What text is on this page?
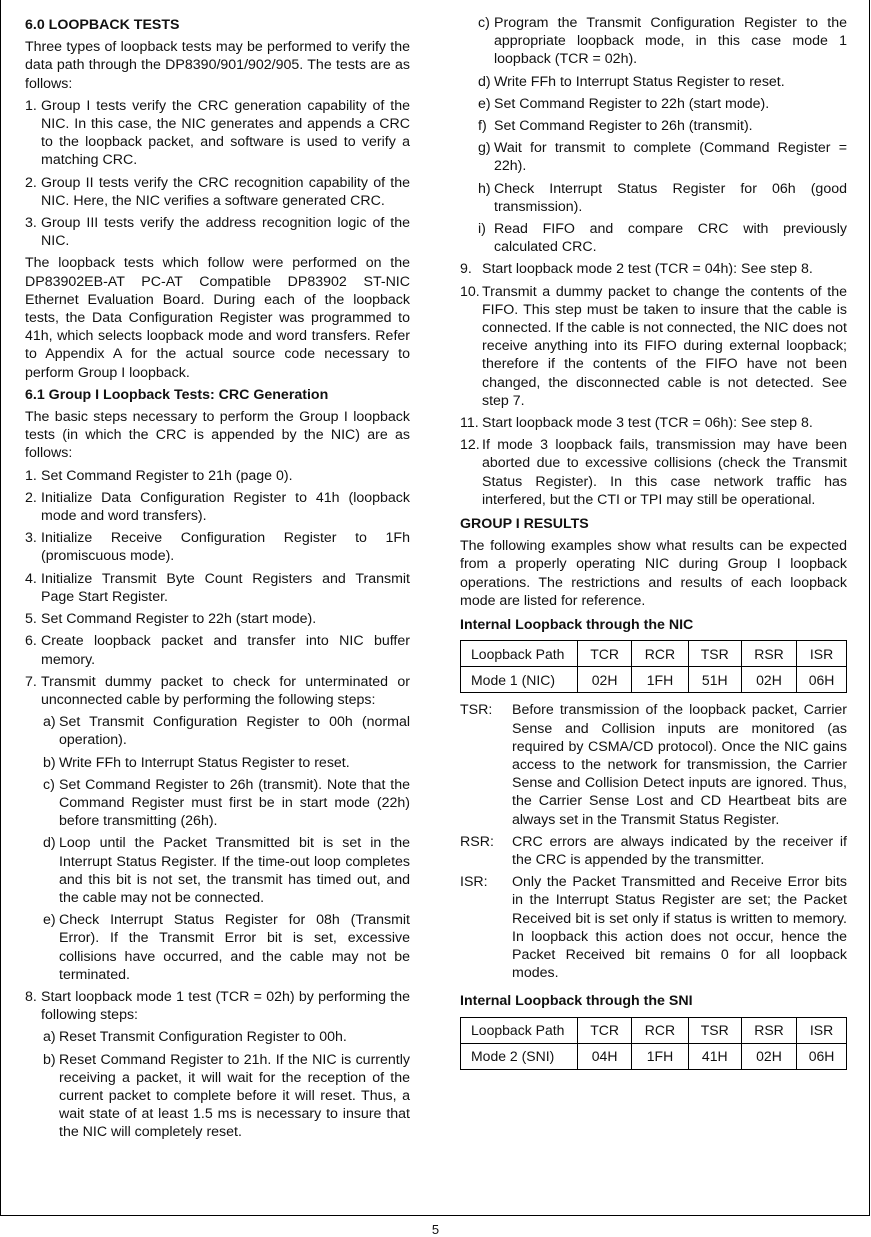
6.0 LOOPBACK TESTS

Three types of loopback tests may be performed to verify the data path through the DP8390/901/902/905. The tests are as follows:

1. Group I tests verify the CRC generation capability of the NIC. In this case, the NIC generates and appends a CRC to the loopback packet, and software is used to verify a matching CRC.
2. Group II tests verify the CRC recognition capability of the NIC. Here, the NIC verifies a software generated CRC.
3. Group III tests verify the address recognition logic of the NIC.

The loopback tests which follow were performed on the DP83902EB-AT PC-AT Compatible DP83902 ST-NIC Ethernet Evaluation Board. During each of the loopback tests, the Data Configuration Register was programmed to 41h, which selects loopback mode and word transfers. Refer to Appendix A for the actual source code necessary to perform Group I loopback.

6.1 Group I Loopback Tests: CRC Generation

The basic steps necessary to perform the Group I loopback tests (in which the CRC is appended by the NIC) are as follows:

1. Set Command Register to 21h (page 0).
2. Initialize Data Configuration Register to 41h (loopback mode and word transfers).
3. Initialize Receive Configuration Register to 1Fh (promiscuous mode).
4. Initialize Transmit Byte Count Registers and Transmit Page Start Register.
5. Set Command Register to 22h (start mode).
6. Create loopback packet and transfer into NIC buffer memory.
7. Transmit dummy packet to check for unterminated or unconnected cable by performing the following steps:
a) Set Transmit Configuration Register to 00h (normal operation).
b) Write FFh to Interrupt Status Register to reset.
c) Set Command Register to 26h (transmit). Note that the Command Register must first be in start mode (22h) before transmitting (26h).
d) Loop until the Packet Transmitted bit is set in the Interrupt Status Register. If the time-out loop completes and this bit is not set, the transmit has timed out, and the cable may not be connected.
e) Check Interrupt Status Register for 08h (Transmit Error). If the Transmit Error bit is set, excessive collisions have occurred, and the cable may not be terminated.
8. Start loopback mode 1 test (TCR = 02h) by performing the following steps:
a) Reset Transmit Configuration Register to 00h.
b) Reset Command Register to 21h. If the NIC is currently receiving a packet, it will wait for the reception of the current packet to complete before it will reset. Thus, a wait state of at least 1.5 ms is necessary to insure that the NIC will completely reset.
c) Program the Transmit Configuration Register to the appropriate loopback mode, in this case mode 1 loopback (TCR = 02h).
d) Write FFh to Interrupt Status Register to reset.
e) Set Command Register to 22h (start mode).
f) Set Command Register to 26h (transmit).
g) Wait for transmit to complete (Command Register = 22h).
h) Check Interrupt Status Register for 06h (good transmission).
i) Read FIFO and compare CRC with previously calculated CRC.
9. Start loopback mode 2 test (TCR = 04h): See step 8.
10. Transmit a dummy packet to change the contents of the FIFO. This step must be taken to insure that the cable is connected. If the cable is not connected, the NIC does not receive anything into its FIFO during external loopback; therefore if the contents of the FIFO have not been changed, the disconnected cable is not detected. See step 7.
11. Start loopback mode 3 test (TCR = 06h): See step 8.
12. If mode 3 loopback fails, transmission may have been aborted due to excessive collisions (check the Transmit Status Register). In this case network traffic has interfered, but the CTI or TPI may still be operational.
GROUP I RESULTS

The following examples show what results can be expected from a properly operating NIC during Group I loopback operations. The restrictions and results of each loopback mode are listed for reference.

Internal Loopback through the NIC
Loopback Path	TCR	RCR	TSR	RSR	ISR
Mode 1 (NIC)	02H	1FH	51H	02H	06H
TSR:	Before transmission of the loopback packet, Carrier Sense and Collision inputs are monitored (as required by CSMA/CD protocol). Once the NIC gains access to the network for transmission, the Carrier Sense and Collision Detect inputs are ignored. Thus, the Carrier Sense Lost and CD Heartbeat bits are always set in the Transmit Status Register.
RSR:	CRC errors are always indicated by the receiver if the CRC is appended by the transmitter.
ISR:	Only the Packet Transmitted and Receive Error bits in the Interrupt Status Register are set; the Packet Received bit is set only if status is written to memory. In loopback this action does not occur, hence the Packet Received bit remains 0 for all loopback modes.
Internal Loopback through the SNI
Loopback Path	TCR	RCR	TSR	RSR	ISR
Mode 2 (SNI)	04H	1FH	41H	02H	06H
5
